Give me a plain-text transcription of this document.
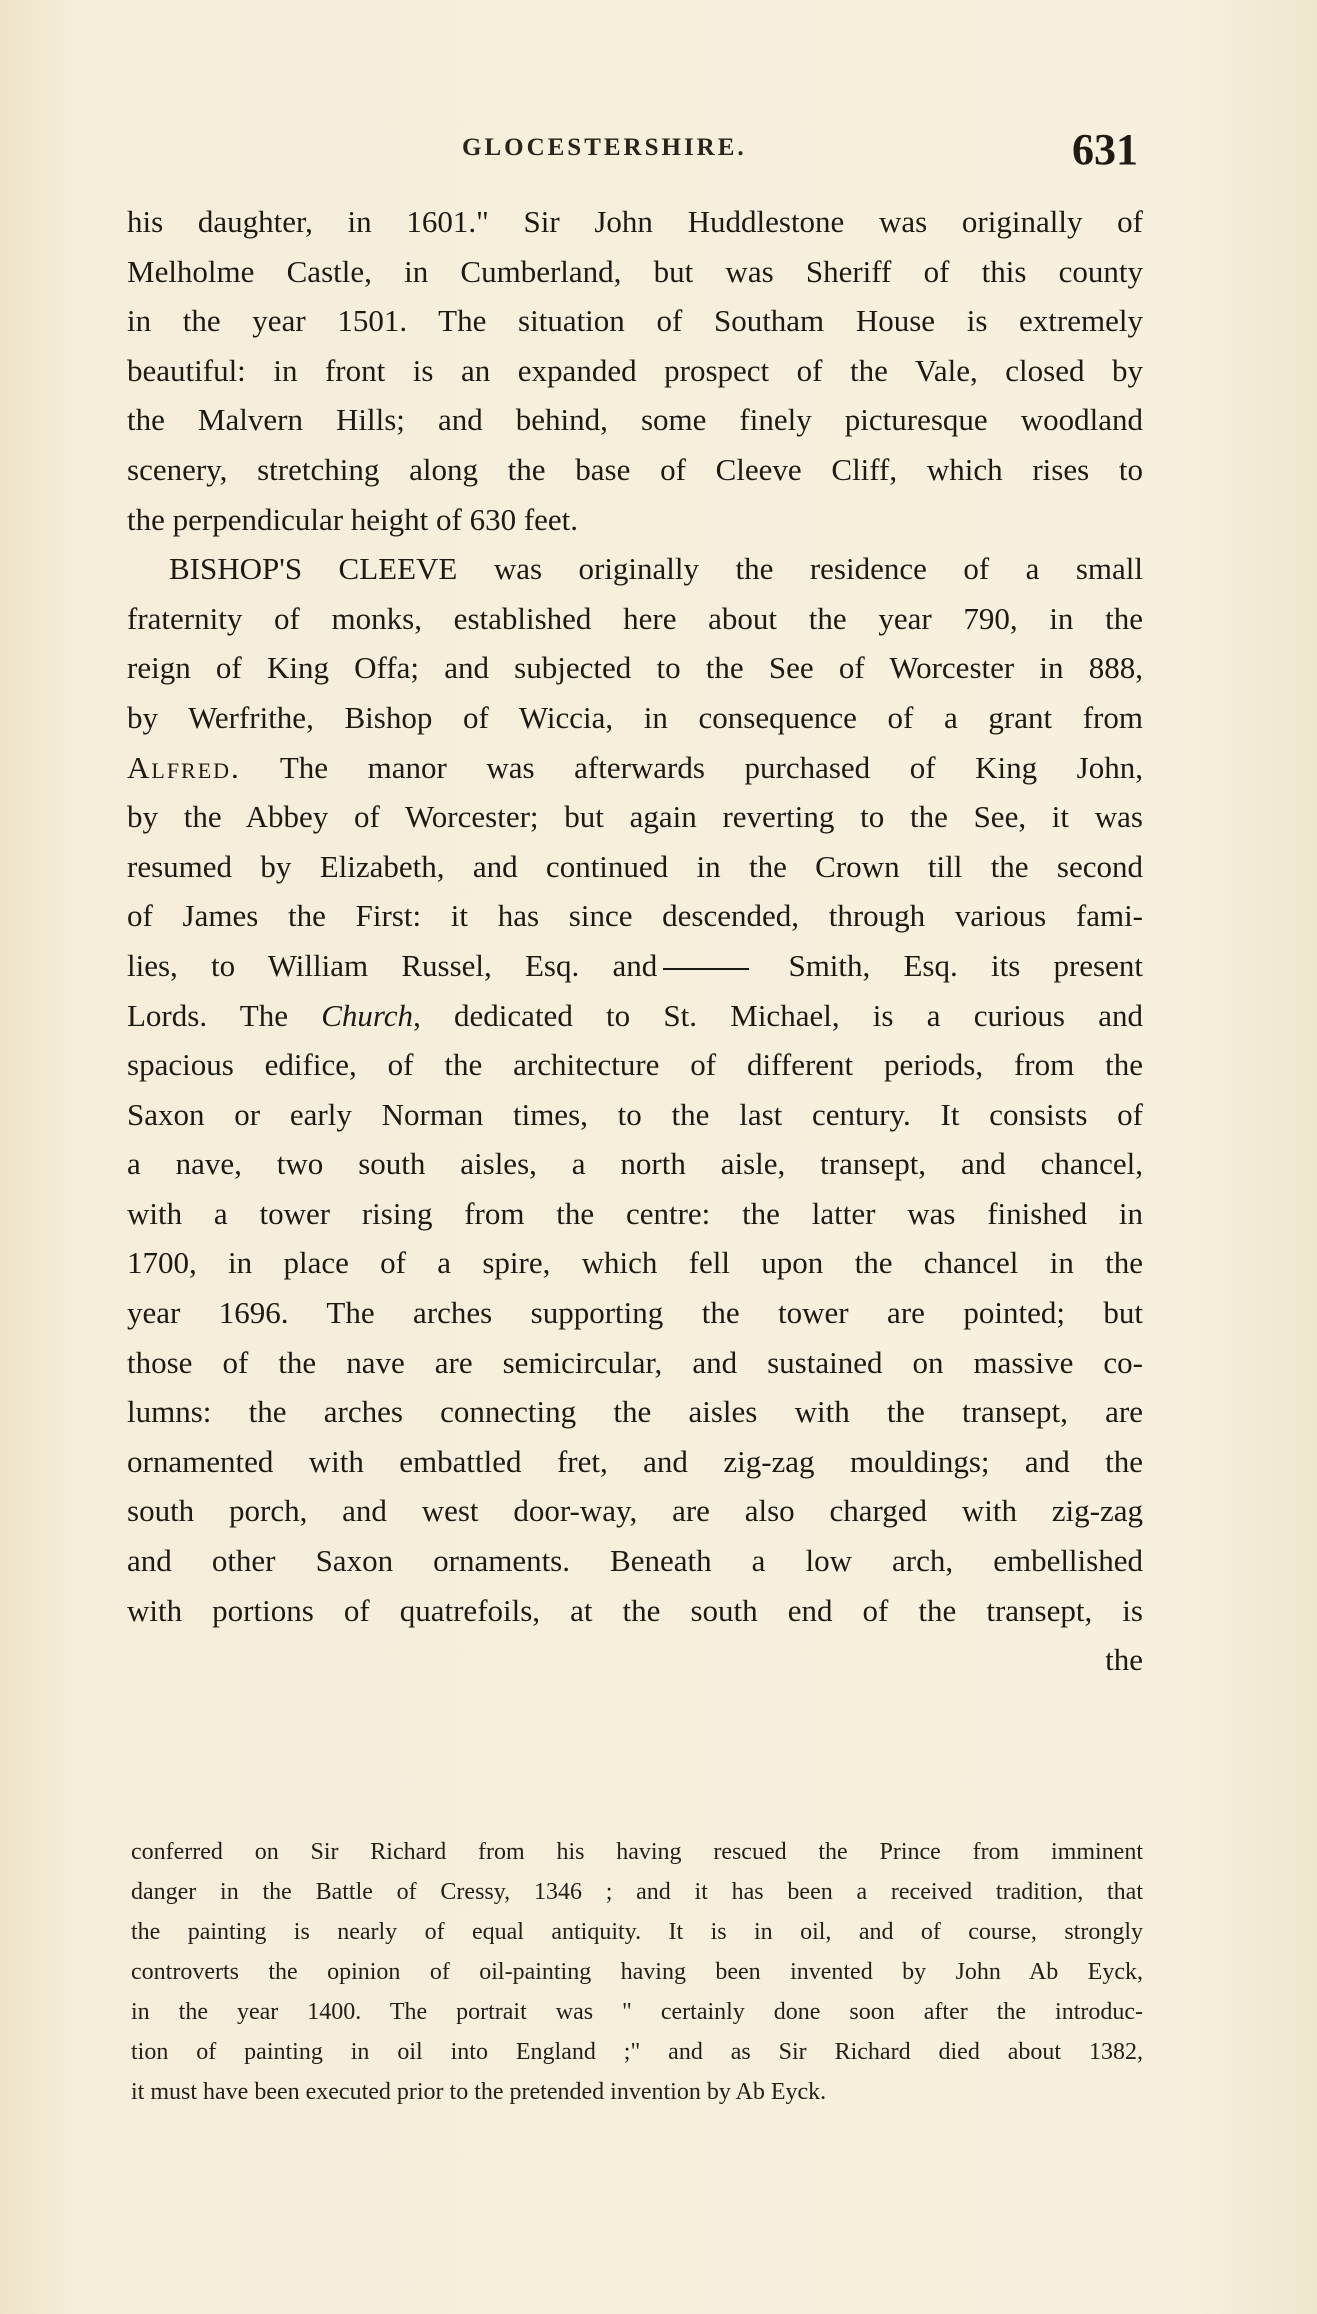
GLOCESTERSHIRE.	631
his daughter, in 1601." Sir John Huddlestone was originally of
Melholme Castle, in Cumberland, but was Sheriff of this county
in the year 1501. The situation of Southam House is extremely
beautiful: in front is an expanded prospect of the Vale, closed by
the Malvern Hills; and behind, some finely picturesque woodland
scenery, stretching along the base of Cleeve Cliff, which rises to
the perpendicular height of 630 feet.
BISHOP'S CLEEVE was originally the residence of a small
fraternity of monks, established here about the year 790, in the
reign of King Offa; and subjected to the See of Worcester in 888,
by Werfrithe, Bishop of Wiccia, in consequence of a grant from
Alfred. The manor was afterwards purchased of King John,
by the Abbey of Worcester; but again reverting to the See, it was
resumed by Elizabeth, and continued in the Crown till the second
of James the First: it has since descended, through various fami-
lies, to William Russel, Esq. and	Smith, Esq. its present
Lords. The Church, dedicated to St. Michael, is a curious and
spacious edifice, of the architecture of different periods, from the
Saxon or early Norman times, to the last century. It consists of
a nave, two south aisles, a north aisle, transept, and chancel,
with a tower rising from the centre: the latter was finished in
1700, in place of a spire, which fell upon the chancel in the
year 1696. The arches supporting the tower are pointed; but
those of the nave are semicircular, and sustained on massive co-
lumns: the arches connecting the aisles with the transept, are
ornamented with embattled fret, and zig-zag mouldings; and the
south porch, and west door-way, are also charged with zig-zag
and other Saxon ornaments. Beneath a low arch, embellished
with portions of quatrefoils, at the south end of the transept, is
the
conferred on Sir Richard from his having rescued the Prince from imminent
danger in the Battle of Cressy, 1346 ; and it has been a received tradition, that
the painting is nearly of equal antiquity. It is in oil, and of course, strongly
controverts the opinion of oil-painting having been invented by John Ab Eyck,
in the year 1400. The portrait was " certainly done soon after the introduc-
tion of painting in oil into England ;" and as Sir Richard died about 1382,
it must have been executed prior to the pretended invention by Ab Eyck.
